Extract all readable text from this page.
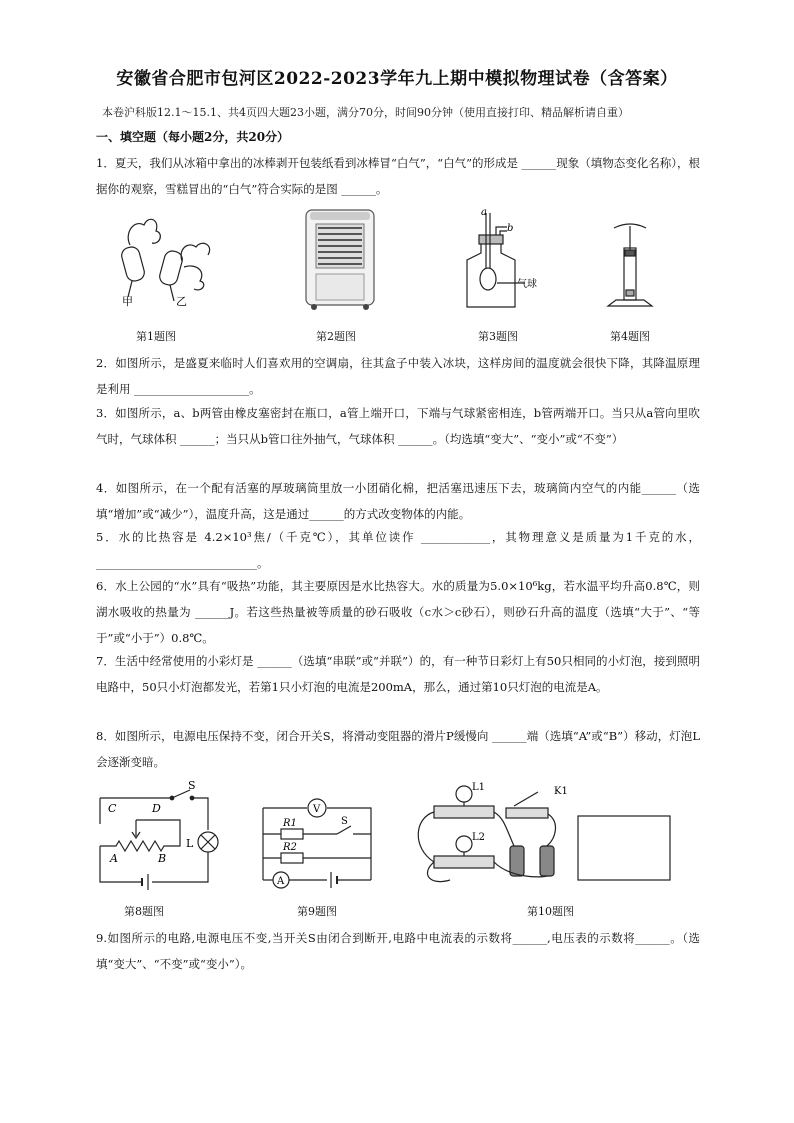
安徽省合肥市包河区2022-2023学年九上期中模拟物理试卷（含答案）
本卷沪科版12.1～15.1、共4页四大题23小题，满分70分，时间90分钟（使用直接打印、精品解析请自重）
一、填空题（每小题2分，共20分）
1．夏天，我们从冰箱中拿出的冰棒剥开包装纸看到冰棒冒“白气”，“白气”的形成是 ______现象（填物态变化名称），根据你的观察，雪糕冒出的“白气”符合实际的是图 ______。
甲	乙
第1题图	第2题图
a
b
气球
第3题图	第4题图
2．如图所示，是盛夏来临时人们喜欢用的空调扇，往其盒子中装入冰块，这样房间的温度就会很快下降，其降温原理是利用 ____________________。
3．如图所示，a、b两管由橡皮塞密封在瓶口，a管上端开口，下端与气球紧密相连，b管两端开口。当只从a管向里吹气时，气球体积 ______；当只从b管口往外抽气，气球体积 ______。（均选填“变大”、“变小”或“不变”）
4．如图所示，在一个配有活塞的厚玻璃筒里放一小团硝化棉，把活塞迅速压下去，玻璃筒内空气的内能______（选填“增加”或“减少”），温度升高，这是通过______的方式改变物体的内能。
5．水的比热容是 4.2×10³焦/（千克℃），其单位读作 ____________，其物理意义是质量为1千克的水，____________________________。
6．水上公园的“水”具有“吸热”功能，其主要原因是水比热容大。水的质量为5.0×10⁶kg，若水温平均升高0.8℃，则湖水吸收的热量为 ______J。若这些热量被等质量的砂石吸收（c水＞c砂石），则砂石升高的温度（选填“大于”、“等于”或“小于”）0.8℃。
7．生活中经常使用的小彩灯是 ______（选填“串联”或“并联”）的，有一种节日彩灯上有50只相同的小灯泡，接到照明电路中，50只小灯泡都发光，若第1只小灯泡的电流是200mA，那么，通过第10只灯泡的电流是A。
8．如图所示，电源电压保持不变，闭合开关S，将滑动变阻器的滑片P缓慢向 ______端（选填“A”或“B”）移动，灯泡L会逐渐变暗。
S
C	D
L
A	B
第8题图
V
R1	S
R2
A
第9题图
L1	K1
L2
第10题图
9.如图所示的电路,电源电压不变,当开关S由闭合到断开,电路中电流表的示数将______,电压表的示数将______。（选填“变大”、“不变”或“变小”）。
